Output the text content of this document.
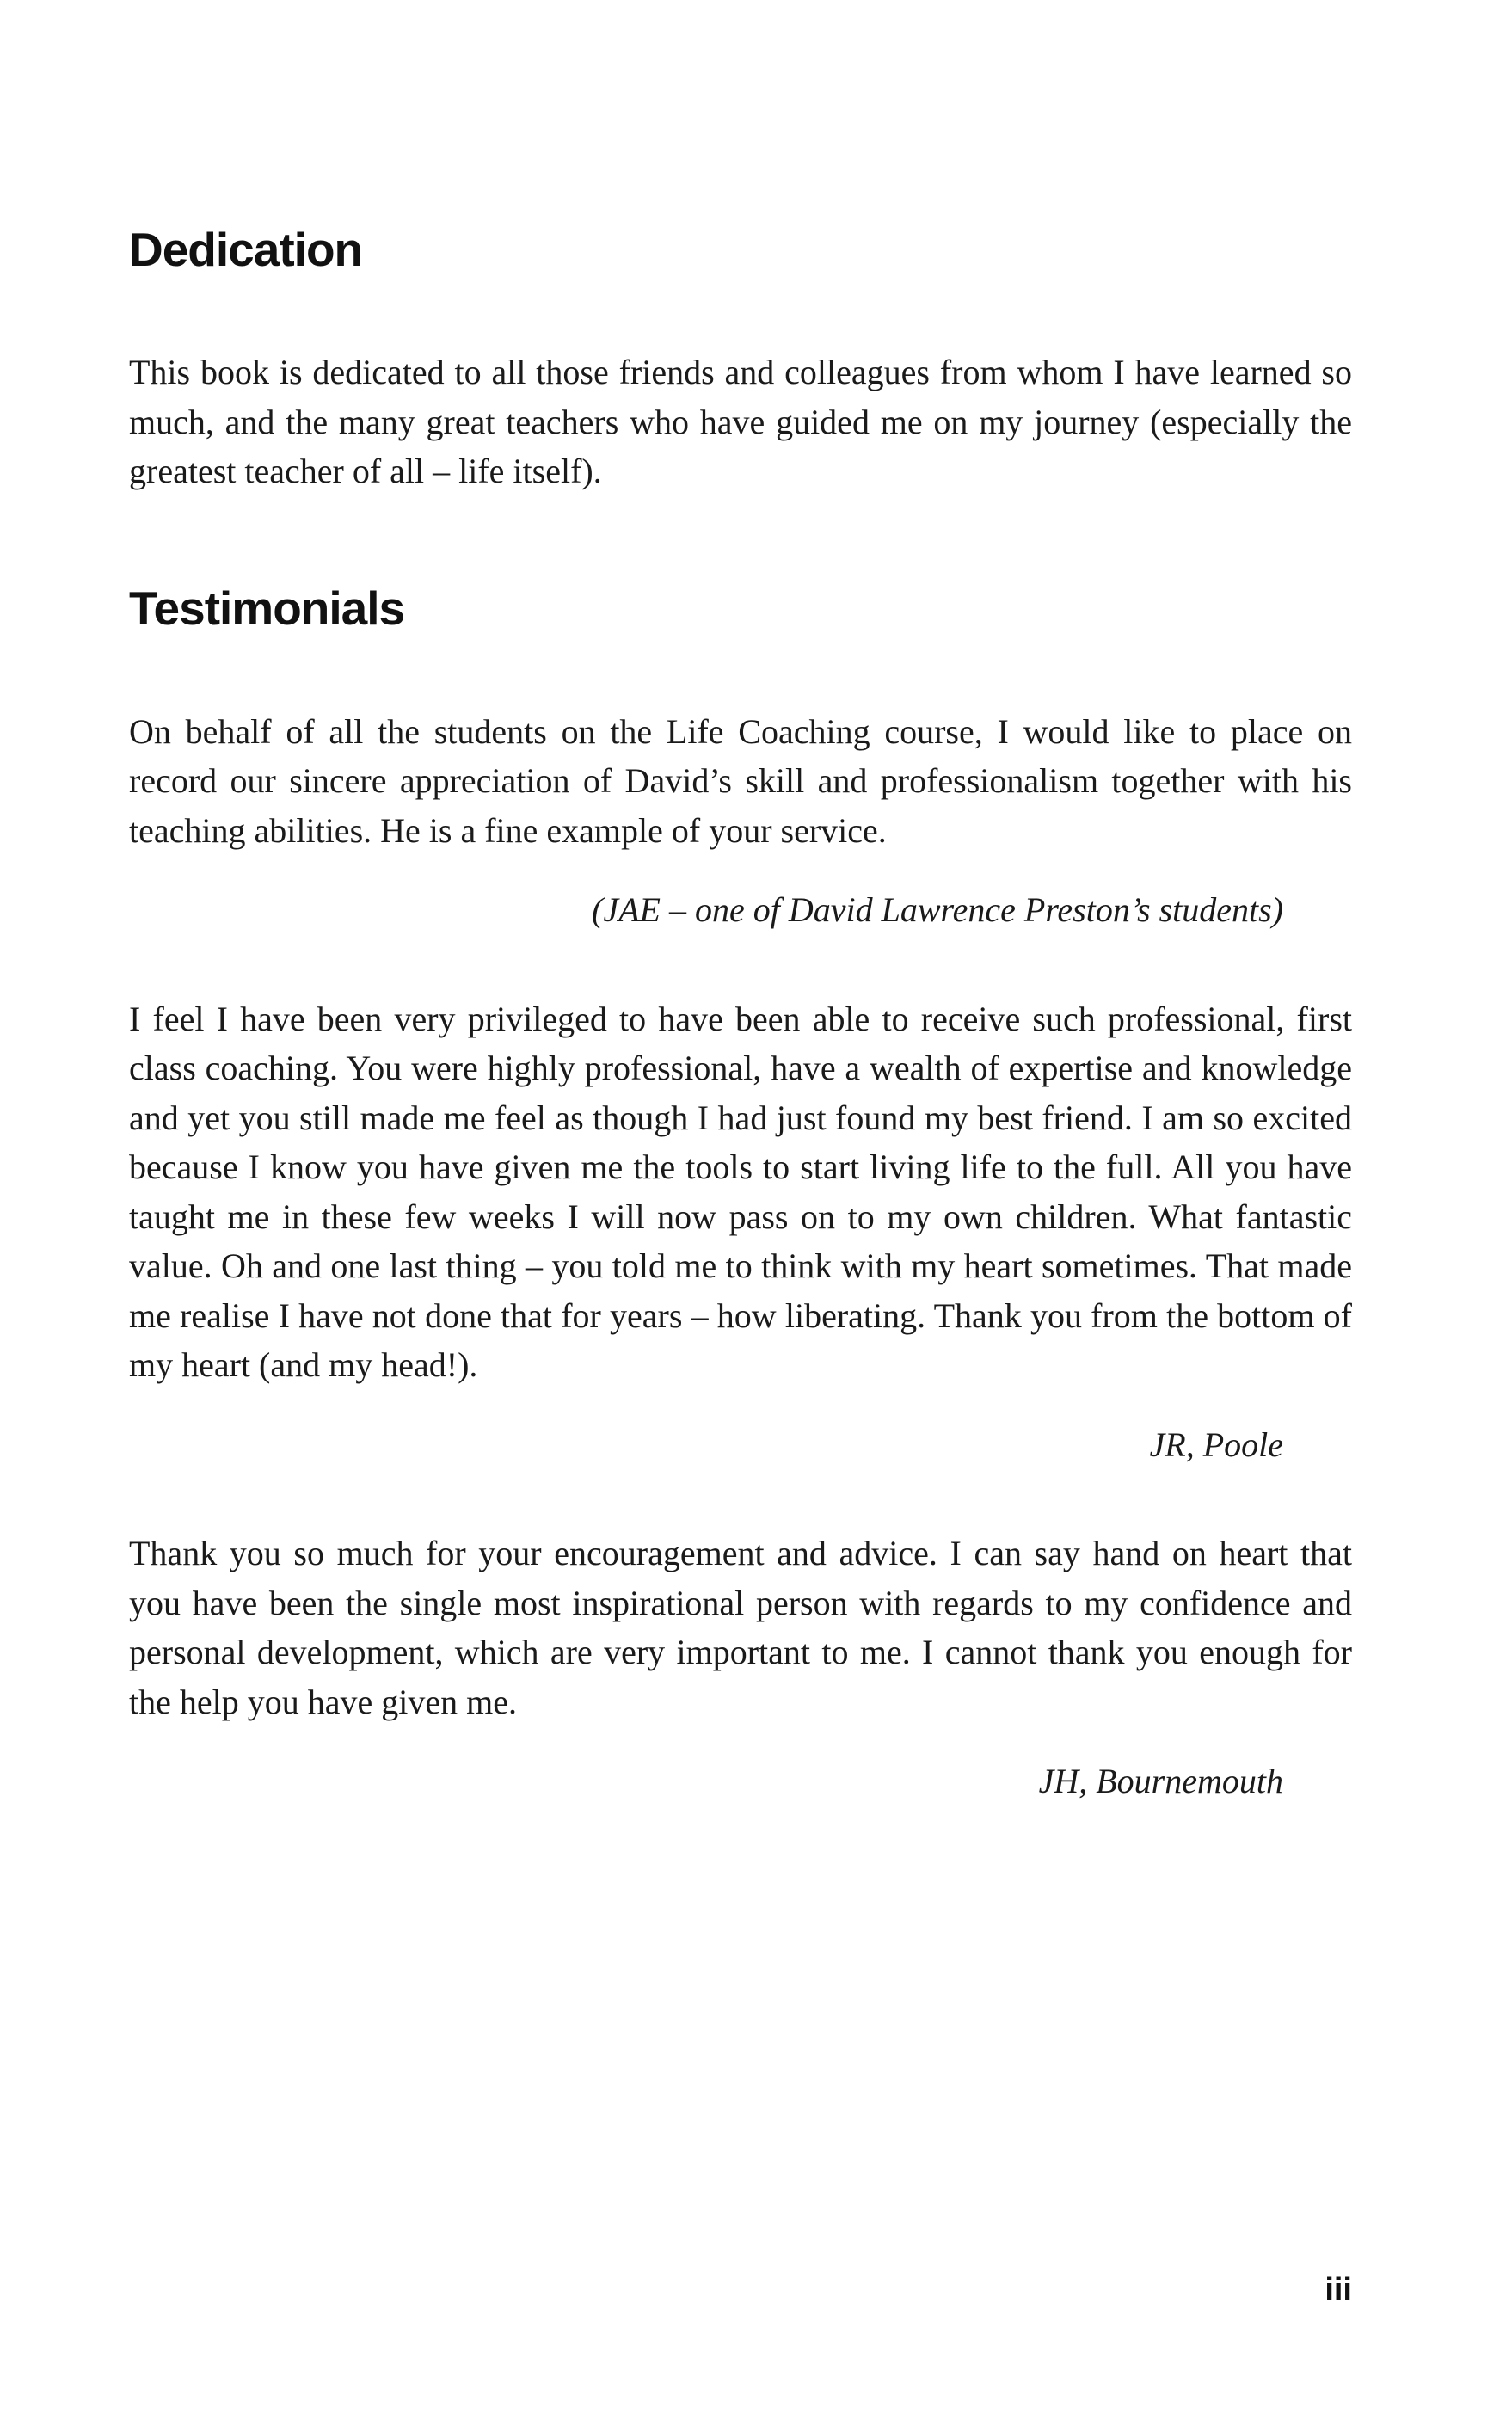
Dedication

This book is dedicated to all those friends and colleagues from whom I have learned so much, and the many great teachers who have guided me on my journey (especially the greatest teacher of all – life itself).

Testimonials

On behalf of all the students on the Life Coaching course, I would like to place on record our sincere appreciation of David’s skill and professionalism together with his teaching abilities. He is a fine example of your service.

(JAE – one of David Lawrence Preston’s students)

I feel I have been very privileged to have been able to receive such professional, first class coaching. You were highly professional, have a wealth of expertise and knowledge and yet you still made me feel as though I had just found my best friend. I am so excited because I know you have given me the tools to start living life to the full. All you have taught me in these few weeks I will now pass on to my own children. What fantastic value. Oh and one last thing – you told me to think with my heart sometimes. That made me realise I have not done that for years – how liberating. Thank you from the bottom of my heart (and my head!).

JR, Poole

Thank you so much for your encouragement and advice. I can say hand on heart that you have been the single most inspirational person with regards to my confidence and personal development, which are very important to me. I cannot thank you enough for the help you have given me.

JH, Bournemouth
iii
